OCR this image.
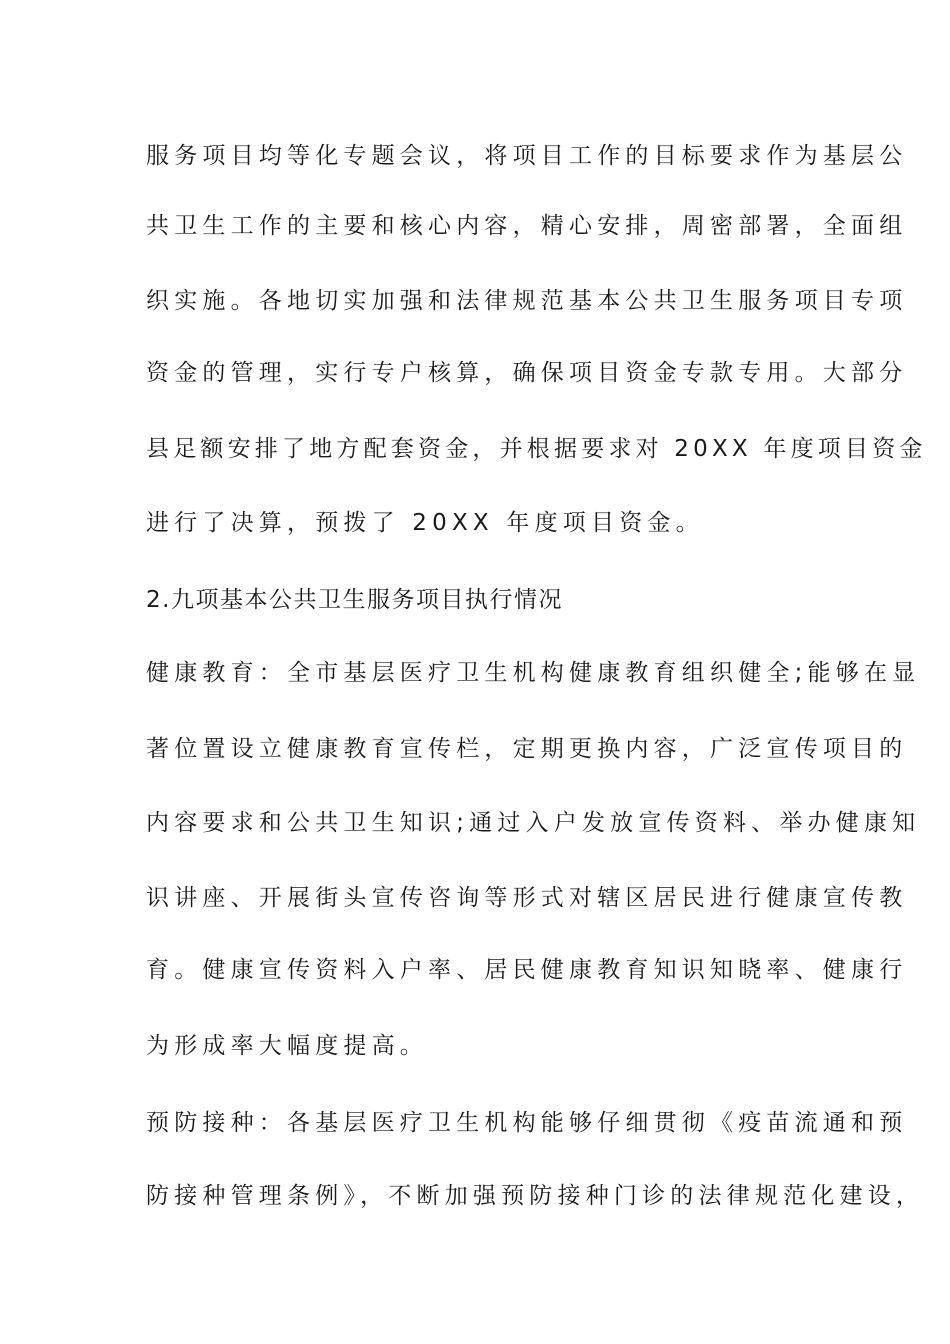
服务项目均等化专题会议，将项目工作的目标要求作为基层公
共卫生工作的主要和核心内容，精心安排，周密部署，全面组
织实施。各地切实加强和法律规范基本公共卫生服务项目专项
资金的管理，实行专户核算，确保项目资金专款专用。大部分
县足额安排了地方配套资金，并根据要求对 20XX 年度项目资金
进行了决算，预拨了 20XX 年度项目资金。
2.九项基本公共卫生服务项目执行情况
健康教育：全市基层医疗卫生机构健康教育组织健全;能够在显
著位置设立健康教育宣传栏，定期更换内容，广泛宣传项目的
内容要求和公共卫生知识;通过入户发放宣传资料、举办健康知
识讲座、开展街头宣传咨询等形式对辖区居民进行健康宣传教
育。健康宣传资料入户率、居民健康教育知识知晓率、健康行
为形成率大幅度提高。
预防接种：各基层医疗卫生机构能够仔细贯彻《疫苗流通和预
防接种管理条例》，不断加强预防接种门诊的法律规范化建设，
